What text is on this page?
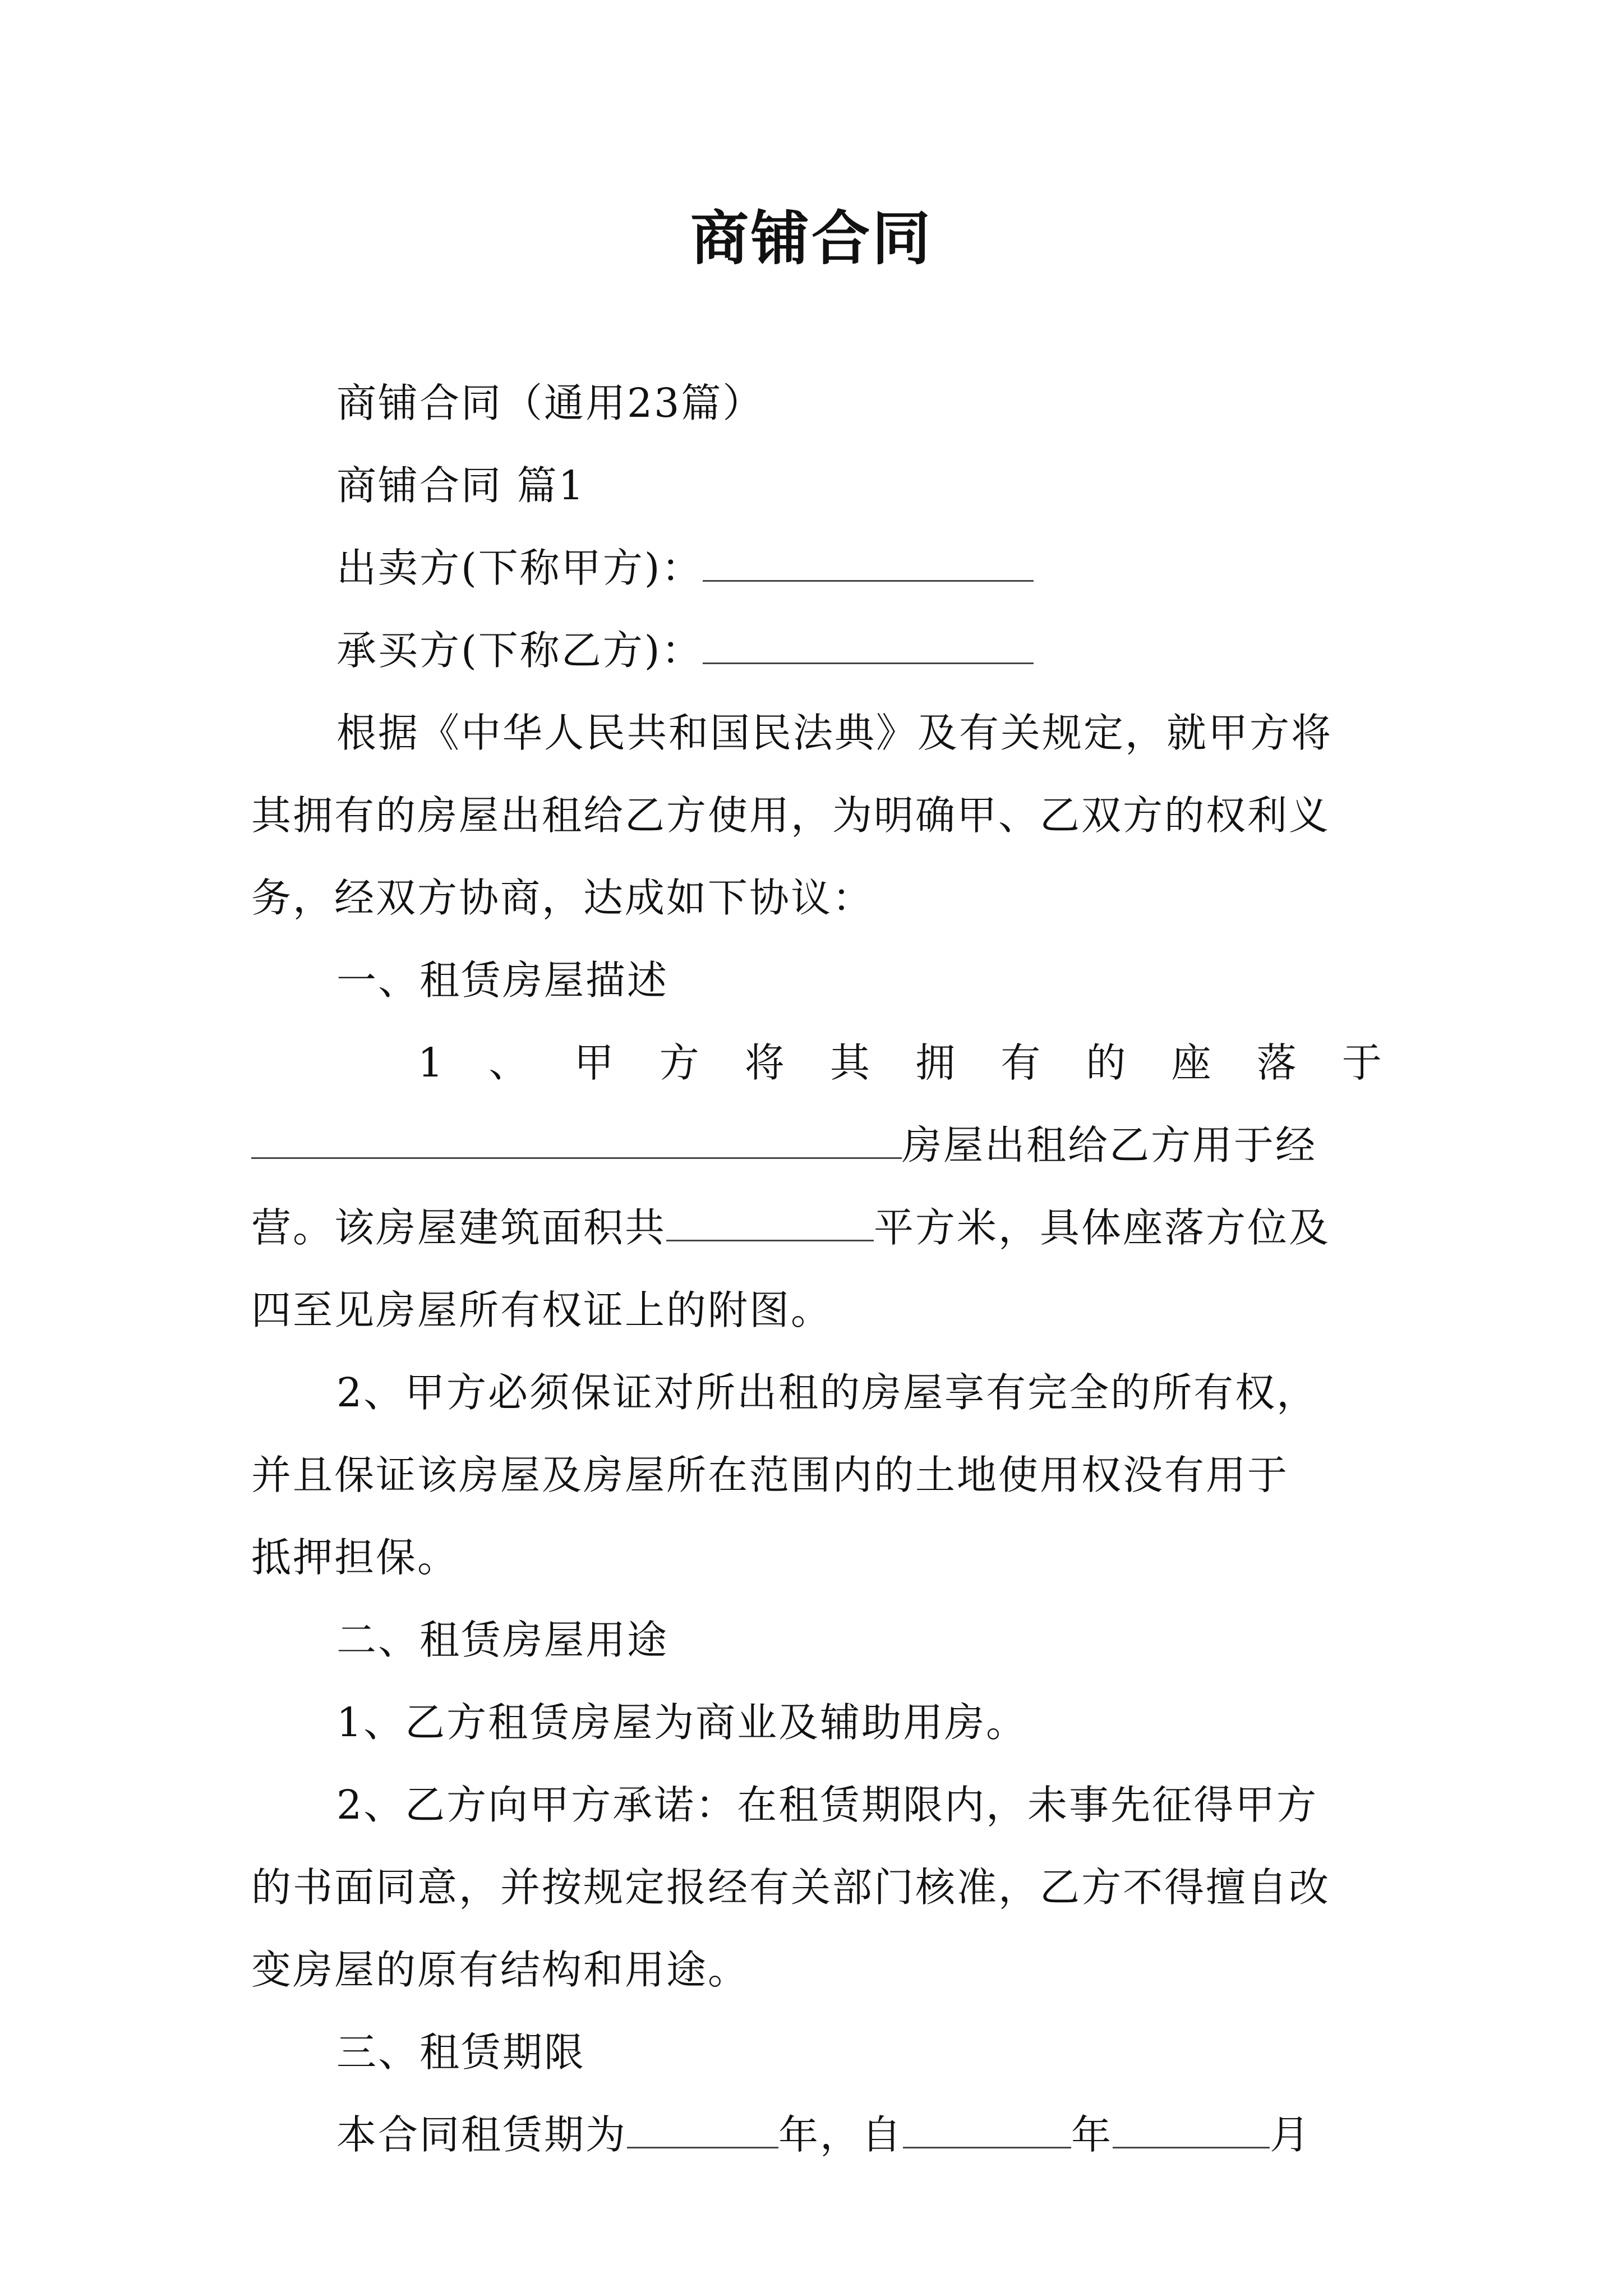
商铺合同
商铺合同（通用23篇）
商铺合同 篇1
出卖方(下称甲方)：
承买方(下称乙方)：
根据《中华人民共和国民法典》及有关规定，就甲方将
其拥有的房屋出租给乙方使用，为明确甲、乙双方的权利义
务，经双方协商，达成如下协议：
一、租赁房屋描述
1 、 甲 方 将 其 拥 有 的 座 落 于
房屋出租给乙方用于经
营。该房屋建筑面积共	平方米，具体座落方位及
四至见房屋所有权证上的附图。
2、甲方必须保证对所出租的房屋享有完全的所有权，
并且保证该房屋及房屋所在范围内的土地使用权没有用于
抵押担保。
二、租赁房屋用途
1、乙方租赁房屋为商业及辅助用房。
2、乙方向甲方承诺：在租赁期限内，未事先征得甲方
的书面同意，并按规定报经有关部门核准，乙方不得擅自改
变房屋的原有结构和用途。
三、租赁期限
本合同租赁期为	年，自	年	月
